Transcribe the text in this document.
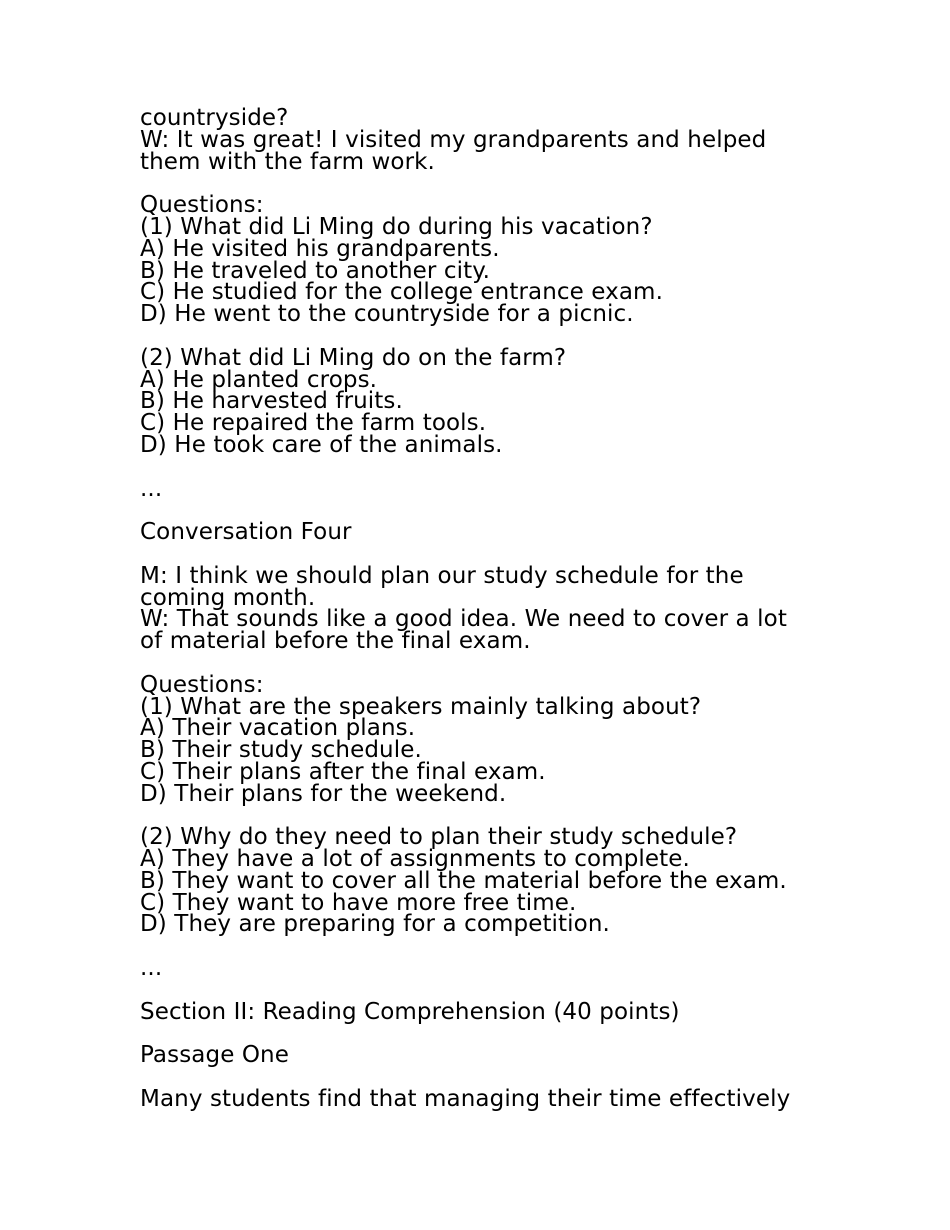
countryside?
W: It was great! I visited my grandparents and helped
them with the farm work.
Questions:
(1) What did Li Ming do during his vacation?
A) He visited his grandparents.
B) He traveled to another city.
C) He studied for the college entrance exam.
D) He went to the countryside for a picnic.
(2) What did Li Ming do on the farm?
A) He planted crops.
B) He harvested fruits.
C) He repaired the farm tools.
D) He took care of the animals.
...
Conversation Four
M: I think we should plan our study schedule for the
coming month.
W: That sounds like a good idea. We need to cover a lot
of material before the final exam.
Questions:
(1) What are the speakers mainly talking about?
A) Their vacation plans.
B) Their study schedule.
C) Their plans after the final exam.
D) Their plans for the weekend.
(2) Why do they need to plan their study schedule?
A) They have a lot of assignments to complete.
B) They want to cover all the material before the exam.
C) They want to have more free time.
D) They are preparing for a competition.
...
Section II: Reading Comprehension (40 points)
Passage One
Many students find that managing their time effectively
